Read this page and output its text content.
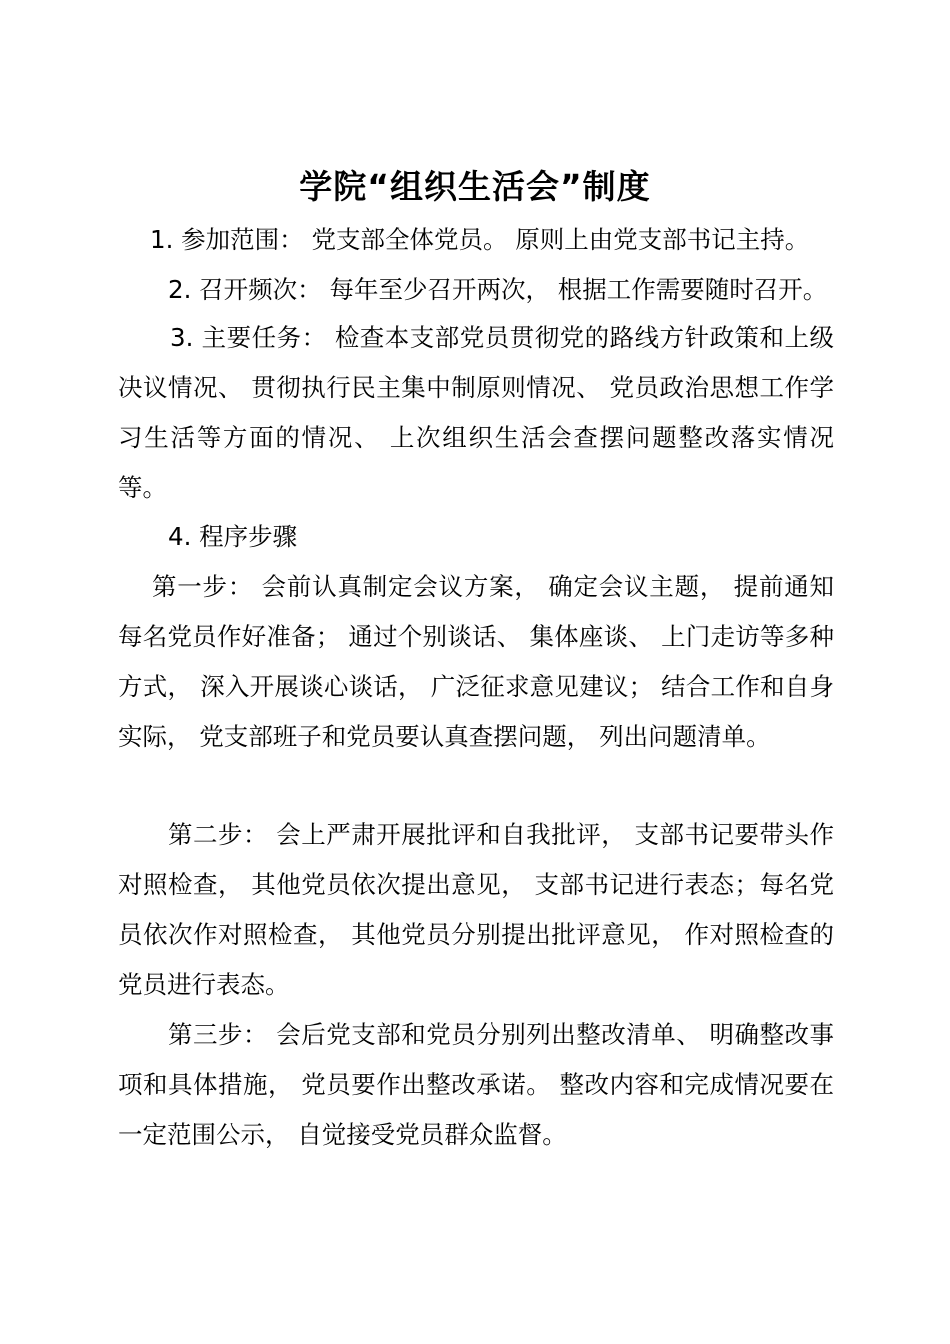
学院“组织生活会”制度
1. 参加范围： 党支部全体党员。 原则上由党支部书记主持。
2. 召开频次： 每年至少召开两次， 根据工作需要随时召开。
3. 主要任务： 检查本支部党员贯彻党的路线方针政策和上级决议情况、 贯彻执行民主集中制原则情况、 党员政治思想工作学习生活等方面的情况、 上次组织生活会查摆问题整改落实情况等。
4. 程序步骤
第一步： 会前认真制定会议方案， 确定会议主题， 提前通知每名党员作好准备； 通过个别谈话、 集体座谈、 上门走访等多种方式， 深入开展谈心谈话， 广泛征求意见建议； 结合工作和自身实际， 党支部班子和党员要认真查摆问题， 列出问题清单。
第二步： 会上严肃开展批评和自我批评， 支部书记要带头作对照检查， 其他党员依次提出意见， 支部书记进行表态；每名党员依次作对照检查， 其他党员分别提出批评意见， 作对照检查的党员进行表态。
第三步： 会后党支部和党员分别列出整改清单、 明确整改事项和具体措施， 党员要作出整改承诺。 整改内容和完成情况要在一定范围公示， 自觉接受党员群众监督。
